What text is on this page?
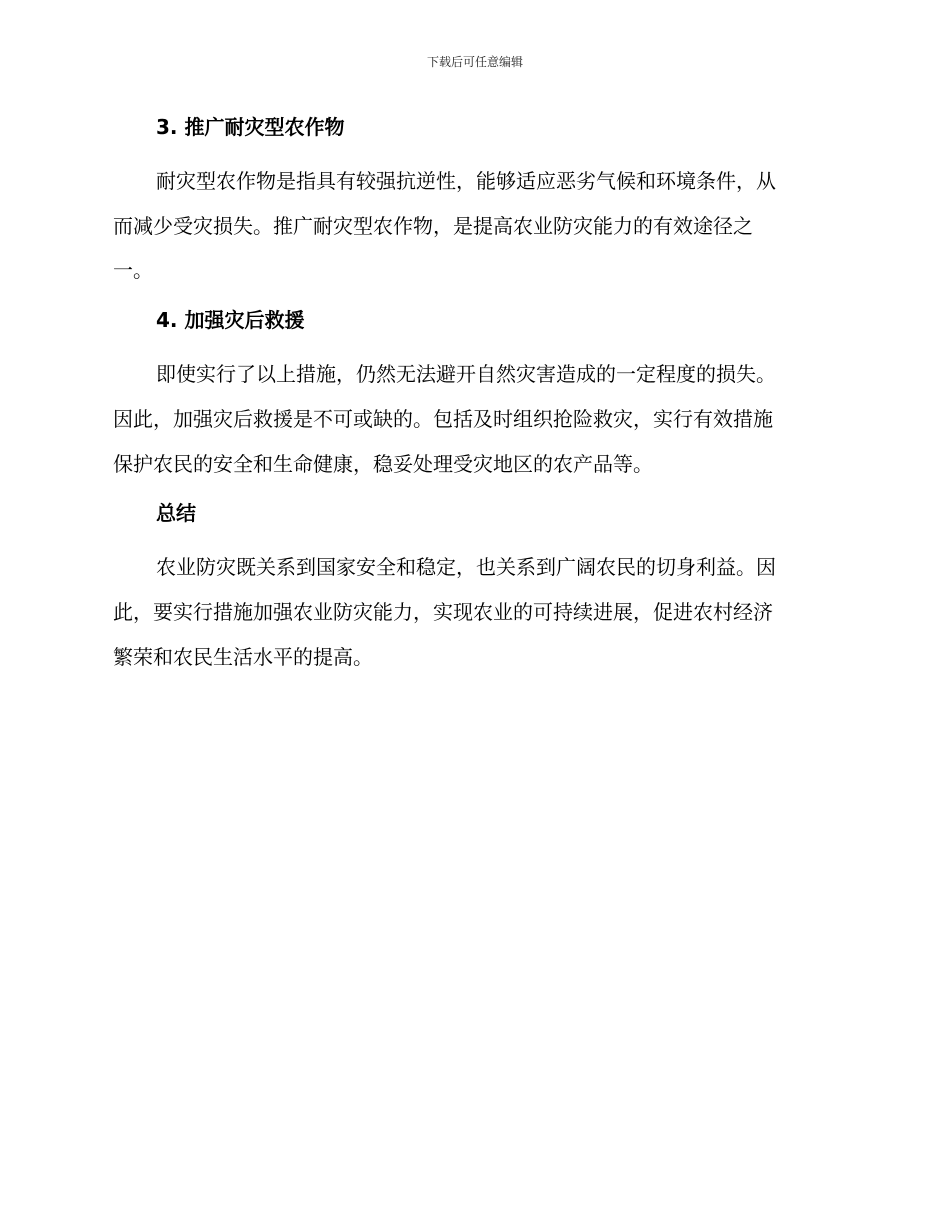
下载后可任意编辑
3. 推广耐灾型农作物
耐灾型农作物是指具有较强抗逆性，能够适应恶劣气候和环境条件，从
而减少受灾损失。推广耐灾型农作物，是提高农业防灾能力的有效途径之
一。
4. 加强灾后救援
即使实行了以上措施，仍然无法避开自然灾害造成的一定程度的损失。
因此，加强灾后救援是不可或缺的。包括及时组织抢险救灾，实行有效措施
保护农民的安全和生命健康，稳妥处理受灾地区的农产品等。
总结
农业防灾既关系到国家安全和稳定，也关系到广阔农民的切身利益。因
此，要实行措施加强农业防灾能力，实现农业的可持续进展，促进农村经济
繁荣和农民生活水平的提高。
